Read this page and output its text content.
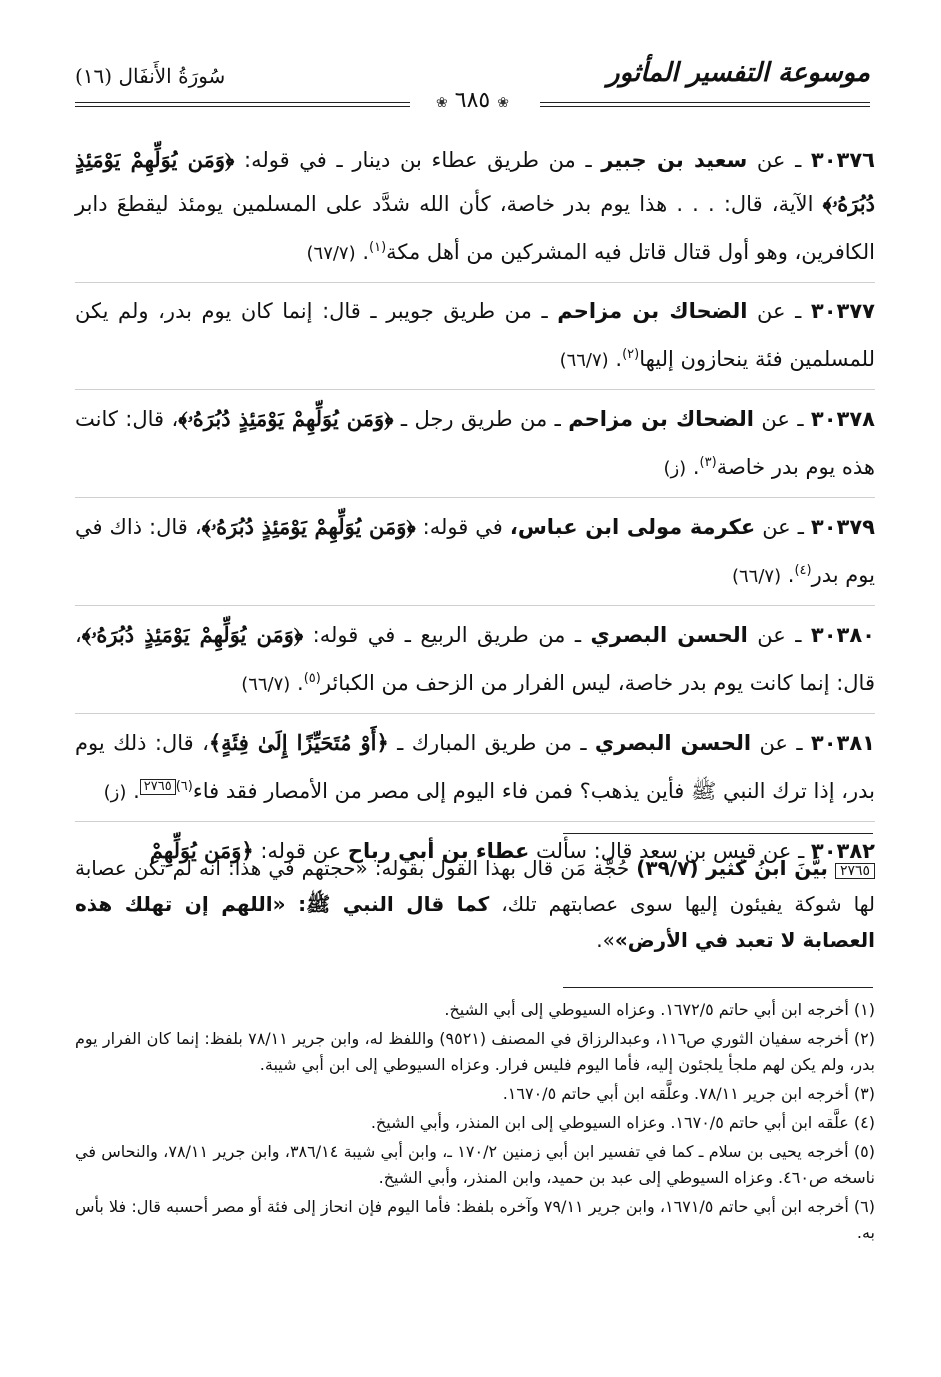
موسوعة التفسير المأثور
سُورَةُ الأَنفَال (١٦)
❀ ٦٨٥ ❀
٣٠٣٧٦ ـ عن سعيد بن جبير ـ من طريق عطاء بن دينار ـ في قوله: ﴿وَمَن يُوَلِّهِمْ يَوْمَئِذٍ دُبُرَهُۥ﴾ الآية، قال: . . . هذا يوم بدر خاصة، كأن الله شدَّد على المسلمين يومئذ ليقطعَ دابر الكافرين، وهو أول قتال قاتل فيه المشركين من أهل مكة$^{(١)}$. (٦٧/٧)
٣٠٣٧٧ ـ عن الضحاك بن مزاحم ـ من طريق جويبر ـ قال: إنما كان يوم بدر، ولم يكن للمسلمين فئة ينحازون إليها$^{(٢)}$. (٦٦/٧)
٣٠٣٧٨ ـ عن الضحاك بن مزاحم ـ من طريق رجل ـ ﴿وَمَن يُوَلِّهِمْ يَوْمَئِذٍ دُبُرَهُۥ﴾، قال: كانت هذه يوم بدر خاصة$^{(٣)}$. (ز)
٣٠٣٧٩ ـ عن عكرمة مولى ابن عباس، في قوله: ﴿وَمَن يُوَلِّهِمْ يَوْمَئِذٍ دُبُرَهُۥ﴾، قال: ذاك في يوم بدر$^{(٤)}$. (٦٦/٧)
٣٠٣٨٠ ـ عن الحسن البصري ـ من طريق الربيع ـ في قوله: ﴿وَمَن يُوَلِّهِمْ يَوْمَئِذٍ دُبُرَهُۥ﴾، قال: إنما كانت يوم بدر خاصة، ليس الفرار من الزحف من الكبائر$^{(٥)}$. (٦٦/٧)
٣٠٣٨١ ـ عن الحسن البصري ـ من طريق المبارك ـ ﴿أَوْ مُتَحَيِّزًا إِلَىٰ فِئَةٍ﴾، قال: ذلك يوم بدر، إذا ترك النبي ﷺ فأين يذهب؟ فمن فاء اليوم إلى مصر من الأمصار فقد فاء$^{(٦)}$٢٧٦٥. (ز)
٣٠٣٨٢ ـ عن قيس بن سعد قال: سألت عطاء بن أبي رباح عن قوله: ﴿وَمَن يُوَلِّهِمْ
٢٧٦٥ بيَّنَ ابنُ كثير (٣٩/٧) حُجَّة مَن قال بهذا القول بقوله: «حجتهم في هذا: أنه لم تكن عصابة لها شوكة يفيئون إليها سوى عصابتهم تلك، كما قال النبي ﷺ: «اللهم إن تهلك هذه العصابة لا تعبد في الأرض»».
(١) أخرجه ابن أبي حاتم ١٦٧٢/٥. وعزاه السيوطي إلى أبي الشيخ.
(٢) أخرجه سفيان الثوري ص١١٦، وعبدالرزاق في المصنف (٩٥٢١) واللفظ له، وابن جرير ٧٨/١١ بلفظ: إنما كان الفرار يوم بدر، ولم يكن لهم ملجأ يلجئون إليه، فأما اليوم فليس فرار. وعزاه السيوطي إلى ابن أبي شيبة.
(٣) أخرجه ابن جرير ٧٨/١١. وعلَّقه ابن أبي حاتم ١٦٧٠/٥.
(٤) علَّقه ابن أبي حاتم ١٦٧٠/٥. وعزاه السيوطي إلى ابن المنذر، وأبي الشيخ.
(٥) أخرجه يحيى بن سلام ـ كما في تفسير ابن أبي زمنين ١٧٠/٢ ـ، وابن أبي شيبة ٣٨٦/١٤، وابن جرير ٧٨/١١، والنحاس في ناسخه ص٤٦٠. وعزاه السيوطي إلى عبد بن حميد، وابن المنذر، وأبي الشيخ.
(٦) أخرجه ابن أبي حاتم ١٦٧١/٥، وابن جرير ٧٩/١١ وآخره بلفظ: فأما اليوم فإن انحاز إلى فئة أو مصر أحسبه قال: فلا بأس به.
